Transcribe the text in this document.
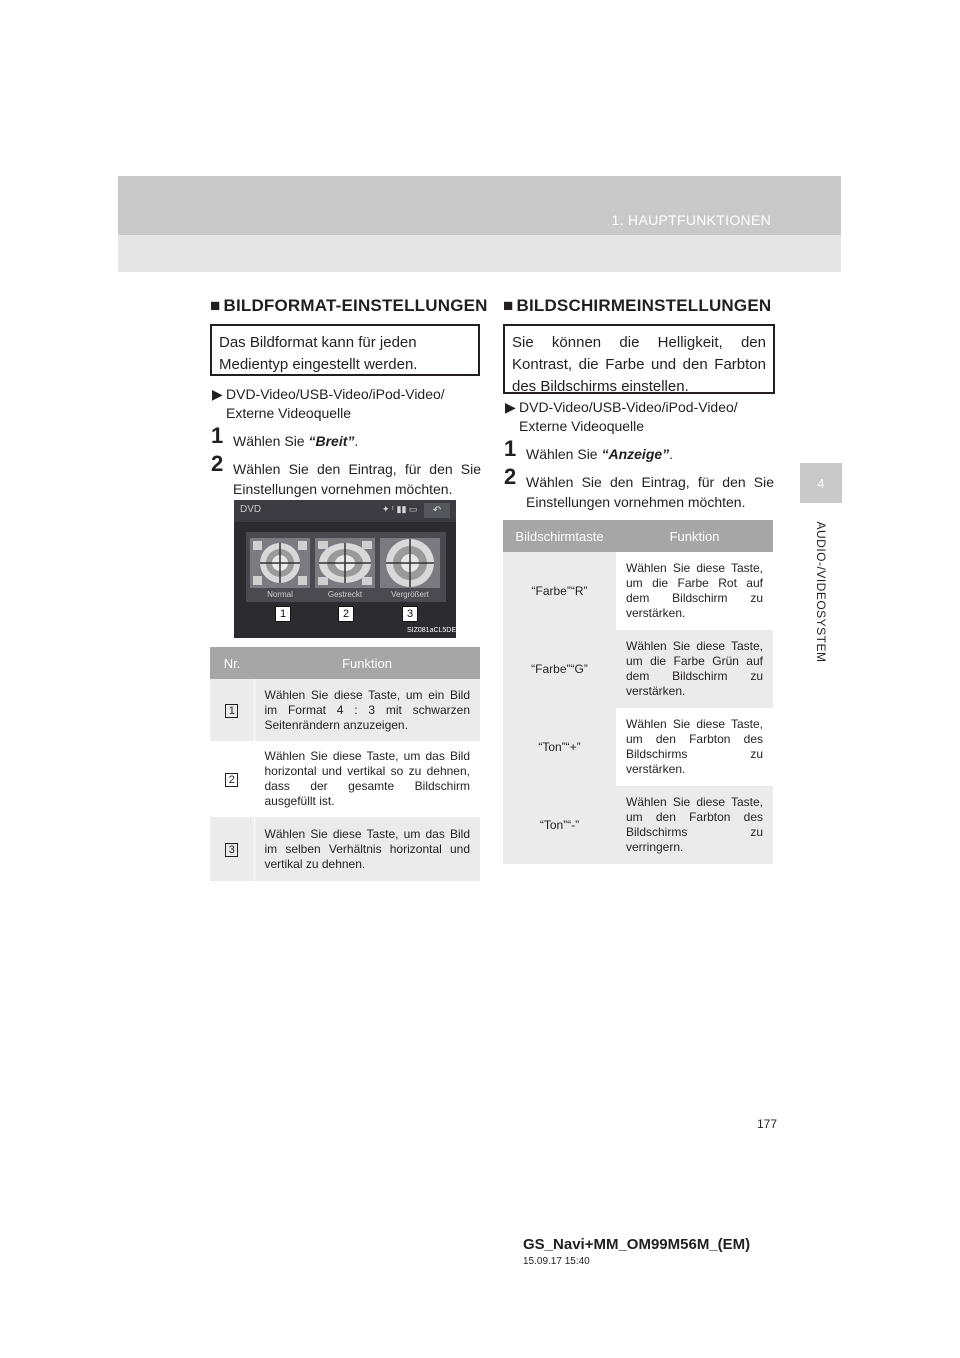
1. HAUPTFUNKTIONEN
4
AUDIO-/VIDEOSYSTEM
■ BILDFORMAT-EINSTELLUNGEN
Das Bildformat kann für jeden Medientyp eingestellt werden.
▶ DVD-Video/USB-Video/iPod-Video/ Externe Videoquelle
1 Wählen Sie “Breit”.
2 Wählen Sie den Eintrag, für den Sie Einstellungen vornehmen möchten.
DVD	✦ ᵗ ▮▮ ▭	↶
Normal	Gestreckt	Vergrößert
1	2	3
SIZ081aCL5DE
Nr.	Funktion
1	Wählen Sie diese Taste, um ein Bild im Format 4 : 3 mit schwarzen Seitenrändern anzuzeigen.
2	Wählen Sie diese Taste, um das Bild horizontal und vertikal so zu dehnen, dass der gesamte Bildschirm ausgefüllt ist.
3	Wählen Sie diese Taste, um das Bild im selben Verhältnis horizontal und vertikal zu dehnen.
■ BILDSCHIRMEINSTELLUNGEN
Sie können die Helligkeit, den Kontrast, die Farbe und den Farbton des Bildschirms einstellen.
▶ DVD-Video/USB-Video/iPod-Video/ Externe Videoquelle
1 Wählen Sie “Anzeige”.
2 Wählen Sie den Eintrag, für den Sie Einstellungen vornehmen möchten.
Bildschirmtaste	Funktion
“Farbe”“R”	Wählen Sie diese Taste, um die Farbe Rot auf dem Bildschirm zu verstärken.
“Farbe”“G”	Wählen Sie diese Taste, um die Farbe Grün auf dem Bildschirm zu verstärken.
“Ton”“+”	Wählen Sie diese Taste, um den Farbton des Bildschirms zu verstärken.
“Ton”“-”	Wählen Sie diese Taste, um den Farbton des Bildschirms zu verringern.
177
GS_Navi+MM_OM99M56M_(EM)
15.09.17 15:40
